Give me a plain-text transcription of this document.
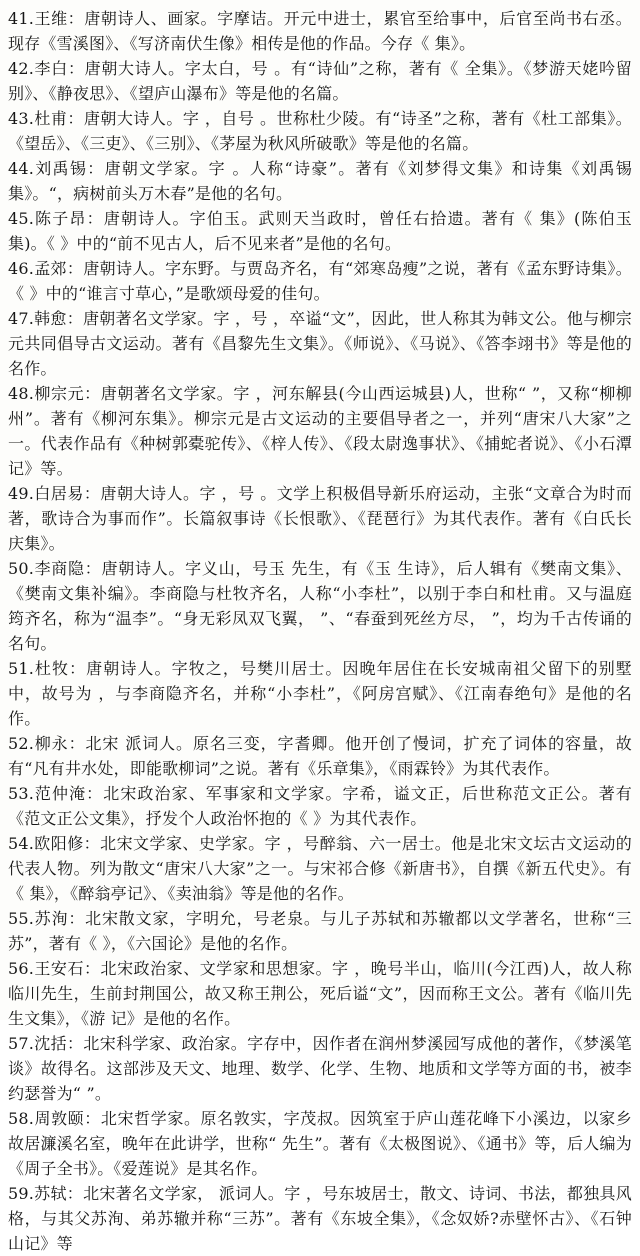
41.王维：唐朝诗人、画家。字摩诘。开元中进士，累官至给事中，后官至尚书右丞。现存《雪溪图》、《写济南伏生像》相传是他的作品。今存《 集》。

42.李白：唐朝大诗人。字太白，号 。有“诗仙”之称，著有《 全集》。《梦游天姥吟留别》、《静夜思》、《望庐山瀑布》等是他的名篇。

43.杜甫：唐朝大诗人。字 ，自号 。世称杜少陵。有“诗圣”之称，著有《杜工部集》。《望岳》、《三吏》、《三别》、《茅屋为秋风所破歌》等是他的名篇。

44.刘禹锡：唐朝文学家。字 。人称“诗豪”。著有《刘梦得文集》和诗集《刘禹锡集》。“，病树前头万木春”是他的名句。

45.陈子昂：唐朝诗人。字伯玉。武则天当政时，曾任右拾遗。著有《 集》(陈伯玉集)。《 》中的“前不见古人，后不见来者”是他的名句。

46.孟郊：唐朝诗人。字东野。与贾岛齐名，有“郊寒岛瘦”之说，著有《孟东野诗集》。《 》中的“谁言寸草心，”是歌颂母爱的佳句。

47.韩愈：唐朝著名文学家。字 ，号 ，卒谥“文”，因此，世人称其为韩文公。他与柳宗元共同倡导古文运动。著有《昌黎先生文集》。《师说》、《马说》、《答李翊书》等是他的名作。

48.柳宗元：唐朝著名文学家。字 ，河东解县(今山西运城县)人，世称“ ”，又称“柳柳州”。著有《柳河东集》。柳宗元是古文运动的主要倡导者之一，并列“唐宋八大家”之一。代表作品有《种树郭橐驼传》、《梓人传》、《段太尉逸事状》、《捕蛇者说》、《小石潭记》等。

49.白居易：唐朝大诗人。字 ，号 。文学上积极倡导新乐府运动，主张“文章合为时而著，歌诗合为事而作”。长篇叙事诗《长恨歌》、《琵琶行》为其代表作。著有《白氏长庆集》。

50.李商隐：唐朝诗人。字义山，号玉 先生，有《玉 生诗》，后人辑有《樊南文集》、《樊南文集补编》。李商隐与杜牧齐名，人称“小李杜”，以别于李白和杜甫。又与温庭筠齐名，称为“温李”。“身无彩凤双飞翼， ”、“春蚕到死丝方尽， ”，均为千古传诵的名句。

51.杜牧：唐朝诗人。字牧之，号樊川居士。因晚年居住在长安城南祖父留下的别墅中，故号为 ，与李商隐齐名，并称“小李杜”，《阿房宫赋》、《江南春绝句》是他的名作。

52.柳永：北宋 派词人。原名三变，字耆卿。他开创了慢词，扩充了词体的容量，故有“凡有井水处，即能歌柳词”之说。著有《乐章集》，《雨霖铃》为其代表作。

53.范仲淹：北宋政治家、军事家和文学家。字希，谥文正，后世称范文正公。著有《范文正公文集》，抒发个人政治怀抱的《 》为其代表作。

54.欧阳修：北宋文学家、史学家。字 ，号醉翁、六一居士。他是北宋文坛古文运动的代表人物。列为散文“唐宋八大家”之一。与宋祁合修《新唐书》，自撰《新五代史》。有《 集》，《醉翁亭记》、《卖油翁》等是他的名作。

55.苏洵：北宋散文家，字明允，号老泉。与儿子苏轼和苏辙都以文学著名，世称“三苏”，著有《 》，《六国论》是他的名作。

56.王安石：北宋政治家、文学家和思想家。字 ，晚号半山，临川(今江西)人，故人称临川先生，生前封荆国公，故又称王荆公，死后谥“文”，因而称王文公。著有《临川先生文集》，《游 记》是他的名作。

57.沈括：北宋科学家、政治家。字存中，因作者在润州梦溪园写成他的著作，《梦溪笔谈》故得名。这部涉及天文、地理、数学、化学、生物、地质和文学等方面的书，被李约瑟誉为“ ”。

58.周敦颐：北宋哲学家。原名敦实，字茂叔。因筑室于庐山莲花峰下小溪边，以家乡故居濂溪名室，晚年在此讲学，世称“ 先生”。著有《太极图说》、《通书》等，后人编为《周子全书》。《爱莲说》是其名作。

59.苏轼：北宋著名文学家， 派词人。字 ，号东坡居士，散文、诗词、书法，都独具风格，与其父苏洵、弟苏辙并称“三苏”。著有《东坡全集》，《念奴娇?赤壁怀古》、《石钟山记》等
